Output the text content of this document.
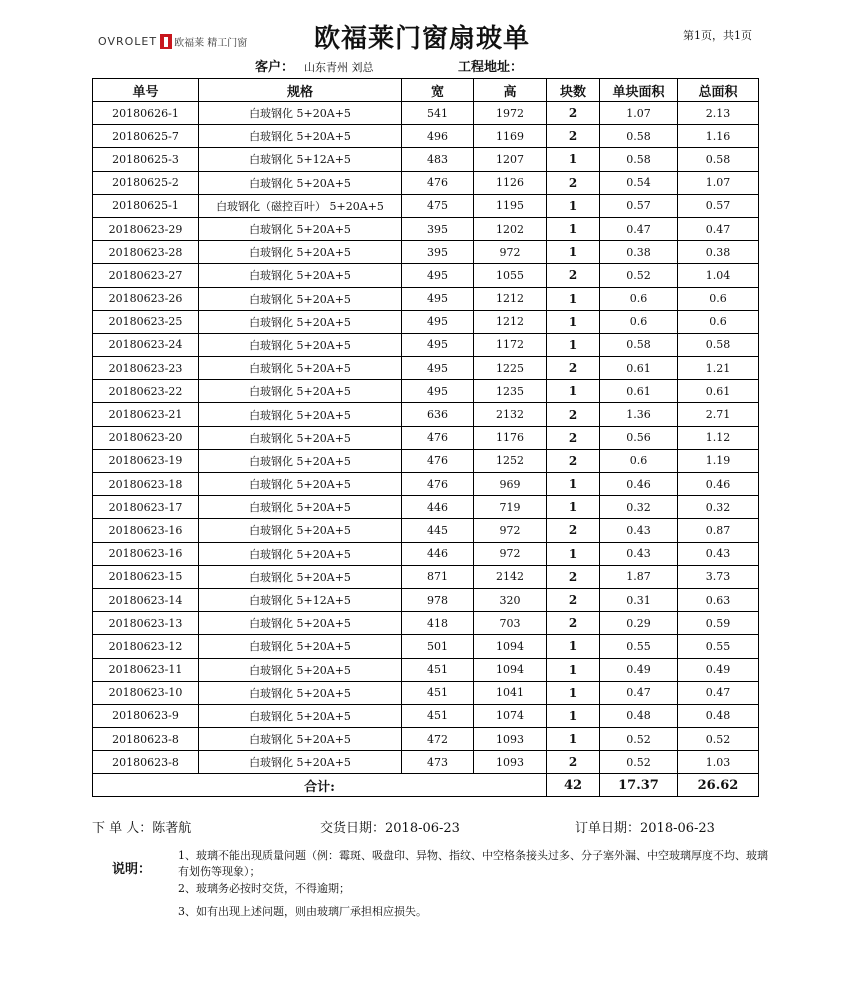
OVROLET 欧福莱 精工门窗	欧福莱门窗扇玻单	第1页，共1页
客户： 山东青州 刘总	工程地址：
单号	规格	宽	高	块数	单块面积	总面积
20180626-1	白玻钢化 5+20A+5	541	1972	2	1.07	2.13
20180625-7	白玻钢化 5+20A+5	496	1169	2	0.58	1.16
20180625-3	白玻钢化 5+12A+5	483	1207	1	0.58	0.58
20180625-2	白玻钢化 5+20A+5	476	1126	2	0.54	1.07
20180625-1	白玻钢化（磁控百叶） 5+20A+5	475	1195	1	0.57	0.57
20180623-29	白玻钢化 5+20A+5	395	1202	1	0.47	0.47
20180623-28	白玻钢化 5+20A+5	395	972	1	0.38	0.38
20180623-27	白玻钢化 5+20A+5	495	1055	2	0.52	1.04
20180623-26	白玻钢化 5+20A+5	495	1212	1	0.6	0.6
20180623-25	白玻钢化 5+20A+5	495	1212	1	0.6	0.6
20180623-24	白玻钢化 5+20A+5	495	1172	1	0.58	0.58
20180623-23	白玻钢化 5+20A+5	495	1225	2	0.61	1.21
20180623-22	白玻钢化 5+20A+5	495	1235	1	0.61	0.61
20180623-21	白玻钢化 5+20A+5	636	2132	2	1.36	2.71
20180623-20	白玻钢化 5+20A+5	476	1176	2	0.56	1.12
20180623-19	白玻钢化 5+20A+5	476	1252	2	0.6	1.19
20180623-18	白玻钢化 5+20A+5	476	969	1	0.46	0.46
20180623-17	白玻钢化 5+20A+5	446	719	1	0.32	0.32
20180623-16	白玻钢化 5+20A+5	445	972	2	0.43	0.87
20180623-16	白玻钢化 5+20A+5	446	972	1	0.43	0.43
20180623-15	白玻钢化 5+20A+5	871	2142	2	1.87	3.73
20180623-14	白玻钢化 5+12A+5	978	320	2	0.31	0.63
20180623-13	白玻钢化 5+20A+5	418	703	2	0.29	0.59
20180623-12	白玻钢化 5+20A+5	501	1094	1	0.55	0.55
20180623-11	白玻钢化 5+20A+5	451	1094	1	0.49	0.49
20180623-10	白玻钢化 5+20A+5	451	1041	1	0.47	0.47
20180623-9	白玻钢化 5+20A+5	451	1074	1	0.48	0.48
20180623-8	白玻钢化 5+20A+5	472	1093	1	0.52	0.52
20180623-8	白玻钢化 5+20A+5	473	1093	2	0.52	1.03
合计:				42	17.37	26.62
下 单 人：陈著航	交货日期：2018-06-23	订单日期：2018-06-23
说明：
1、玻璃不能出现质量问题（例：霉斑、吸盘印、异物、指纹、中空格条接头过多、分子塞外漏、中空玻璃厚度不均、玻璃有划伤等现象）；
2、玻璃务必按时交货，不得逾期；
3、如有出现上述问题，则由玻璃厂承担相应损失。
